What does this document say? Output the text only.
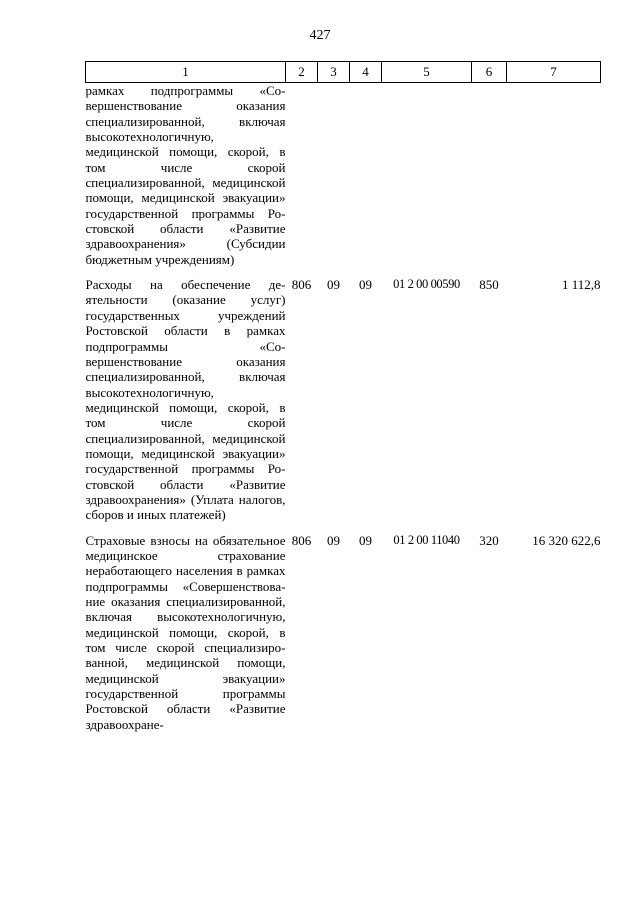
427
1	2	3	4	5	6	7
рамках подпрограммы «Совершенствование оказания специализированной, включая высокотехнологичную, медицинской помощи, скорой, в том числе скорой специализированной, медицинской помощи, медицинской эвакуации» государственной программы Ростовской области «Развитие здравоохранения» (Субсидии бюджетным учреждениям)						

Расходы на обеспечение деятельности (оказание услуг) государственных учреждений Ростовской области в рамках подпрограммы «Совершенствование оказания специализированной, включая высокотехнологичную, медицинской помощи, скорой, в том числе скорой специализированной, медицинской помощи, медицинской эвакуации» государственной программы Ростовской области «Развитие здравоохранения» (Уплата налогов, сборов и иных платежей)	806	09	09	01 2 00 00590	850	1 112,8

Страховые взносы на обязательное медицинское страхование неработающего населения в рамках подпрограммы «Совершенствование оказания специализированной, включая высокотехнологичную, медицинской помощи, скорой, в том числе скорой специализированной, медицинской помощи, медицинской эвакуации» государственной программы Ростовской области «Развитие здравоохране-	806	09	09	01 2 00 11040	320	16 320 622,6
